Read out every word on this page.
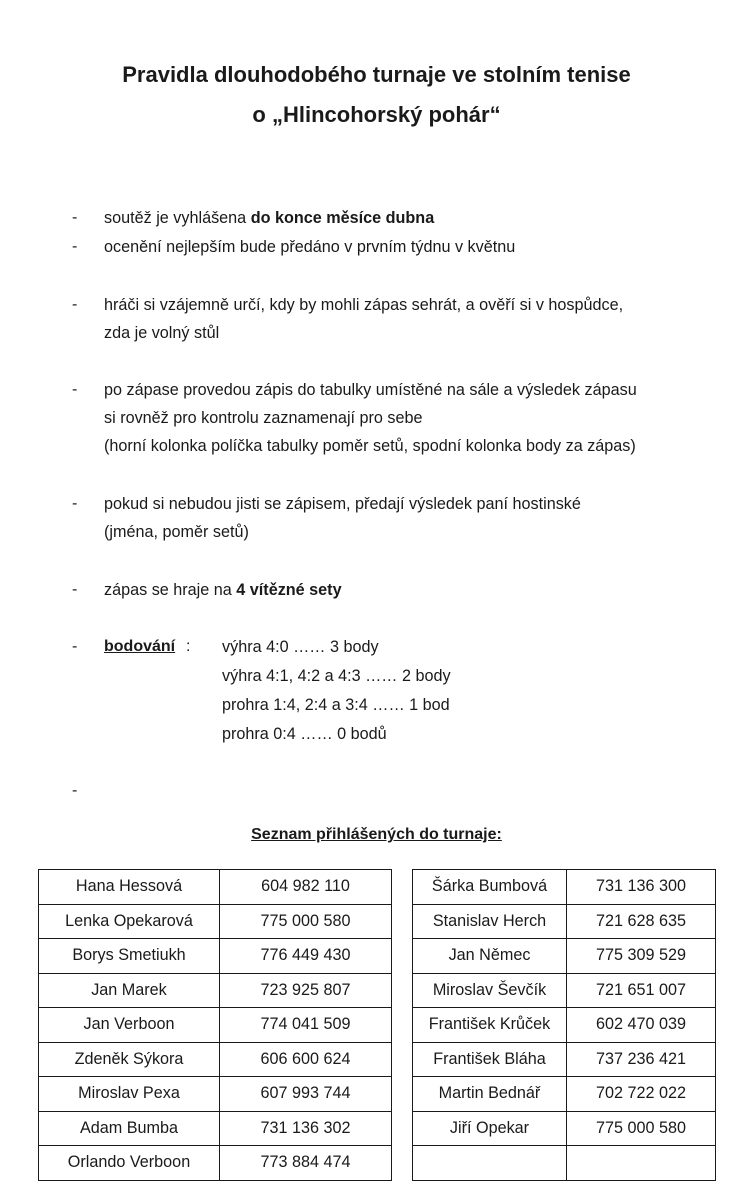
Pravidla dlouhodobého turnaje ve stolním tenise
o „Hlincohorský pohár“
- soutěž je vyhlášena do konce měsíce dubna
- ocenění nejlepším bude předáno v prvním týdnu v květnu
- hráči si vzájemně určí, kdy by mohli zápas sehrát, a ověří si v hospůdce,
zda je volný stůl
- po zápase provedou zápis do tabulky umístěné na sále a výsledek zápasu
si rovněž pro kontrolu zaznamenají pro sebe
(horní kolonka políčka tabulky poměr setů, spodní kolonka body za zápas)
- pokud si nebudou jisti se zápisem, předají výsledek paní hostinské
(jména, poměr setů)
- zápas se hraje na 4 vítězné sety
- bodování : výhra 4:0 …… 3 body
výhra 4:1, 4:2 a 4:3 …… 2 body
prohra 1:4, 2:4 a 3:4 …… 1 bod
prohra 0:4 …… 0 bodů
-
Seznam přihlášených do turnaje:
Hana Hessová	604 982 110
Lenka Opekarová	775 000 580
Borys Smetiukh	776 449 430
Jan Marek	723 925 807
Jan Verboon	774 041 509
Zdeněk Sýkora	606 600 624
Miroslav Pexa	607 993 744
Adam Bumba	731 136 302
Orlando Verboon	773 884 474
Šárka Bumbová	731 136 300
Stanislav Herch	721 628 635
Jan Němec	775 309 529
Miroslav Ševčík	721 651 007
František Krůček	602 470 039
František Bláha	737 236 421
Martin Bednář	702 722 022
Jiří Opekar	775 000 580
